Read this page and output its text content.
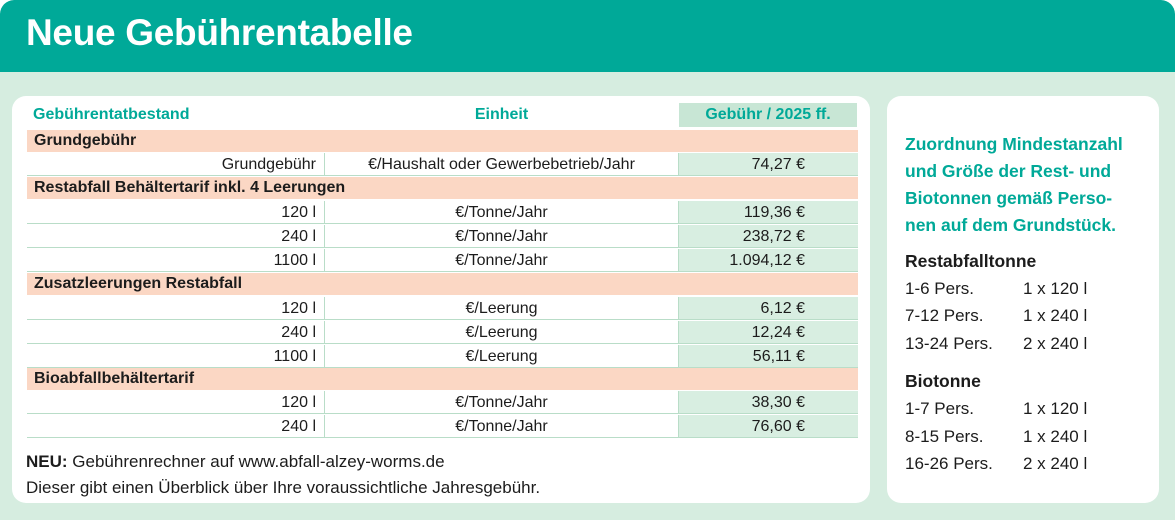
Neue Gebührentabelle
Gebührentatbestand	Einheit	Gebühr / 2025 ff.
Grundgebühr
Grundgebühr	€/Haushalt oder Gewerbebetrieb/Jahr	74,27 €
Restabfall Behältertarif inkl. 4 Leerungen
120 l	€/Tonne/Jahr	119,36 €
240 l	€/Tonne/Jahr	238,72 €
1100 l	€/Tonne/Jahr	1.094,12 €
Zusatzleerungen Restabfall
120 l	€/Leerung	6,12 €
240 l	€/Leerung	12,24 €
1100 l	€/Leerung	56,11 €
Bioabfallbehältertarif
120 l	€/Tonne/Jahr	38,30 €
240 l	€/Tonne/Jahr	76,60 €
NEU: Gebührenrechner auf www.abfall-alzey-worms.de
Dieser gibt einen Überblick über Ihre voraussichtliche Jahresgebühr.
Zuordnung Mindestanzahl
und Größe der Rest- und
Biotonnen gemäß Perso-
nen auf dem Grundstück.
Restabfalltonne
1-6 Pers.	1 x 120 l
7-12 Pers. 1 x 240 l
13-24 Pers. 2 x 240 l
Biotonne
1-7 Pers.	1 x 120 l
8-15 Pers. 1 x 240 l
16-26 Pers. 2 x 240 l
